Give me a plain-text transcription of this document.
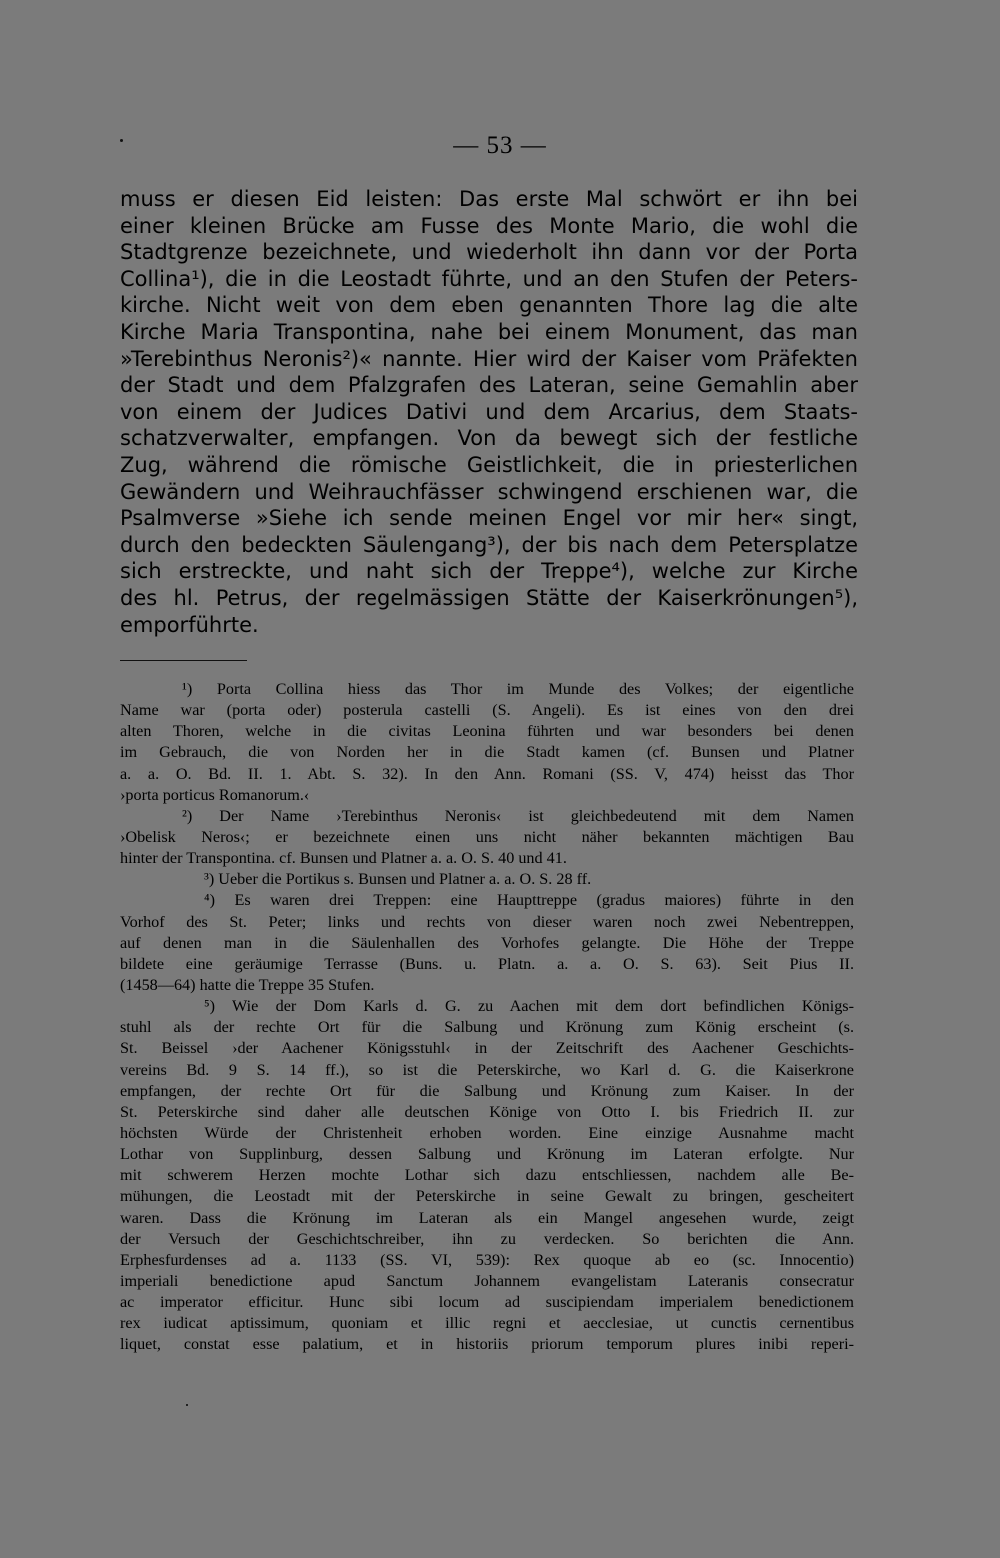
— 53 —
muss er diesen Eid leisten: Das erste Mal schwört er ihn bei
einer kleinen Brücke am Fusse des Monte Mario, die wohl die
Stadtgrenze bezeichnete, und wiederholt ihn dann vor der Porta
Collina¹), die in die Leostadt führte, und an den Stufen der Peters-
kirche. Nicht weit von dem eben genannten Thore lag die alte
Kirche Maria Transpontina, nahe bei einem Monument, das man
»Terebinthus Neronis²)« nannte. Hier wird der Kaiser vom Präfekten
der Stadt und dem Pfalzgrafen des Lateran, seine Gemahlin aber
von einem der Judices Dativi und dem Arcarius, dem Staats-
schatzverwalter, empfangen. Von da bewegt sich der festliche
Zug, während die römische Geistlichkeit, die in priesterlichen
Gewändern und Weihrauchfässer schwingend erschienen war, die
Psalmverse »Siehe ich sende meinen Engel vor mir her« singt,
durch den bedeckten Säulengang³), der bis nach dem Petersplatze
sich erstreckte, und naht sich der Treppe⁴), welche zur Kirche
des hl. Petrus, der regelmässigen Stätte der Kaiserkrönungen⁵),
emporführte.
¹) Porta Collina hiess das Thor im Munde des Volkes; der eigentliche
Name war (porta oder) posterula castelli (S. Angeli). Es ist eines von den drei
alten Thoren, welche in die civitas Leonina führten und war besonders bei denen
im Gebrauch, die von Norden her in die Stadt kamen (cf. Bunsen und Platner
a. a. O. Bd. II. 1. Abt. S. 32). In den Ann. Romani (SS. V, 474) heisst das Thor
›porta porticus Romanorum.‹
²) Der Name ›Terebinthus Neronis‹ ist gleichbedeutend mit dem Namen
›Obelisk Neros‹; er bezeichnete einen uns nicht näher bekannten mächtigen Bau
hinter der Transpontina. cf. Bunsen und Platner a. a. O. S. 40 und 41.
³) Ueber die Portikus s. Bunsen und Platner a. a. O. S. 28 ff.
⁴) Es waren drei Treppen: eine Haupttreppe (gradus maiores) führte in den
Vorhof des St. Peter; links und rechts von dieser waren noch zwei Nebentreppen,
auf denen man in die Säulenhallen des Vorhofes gelangte. Die Höhe der Treppe
bildete eine geräumige Terrasse (Buns. u. Platn. a. a. O. S. 63). Seit Pius II.
(1458—64) hatte die Treppe 35 Stufen.
⁵) Wie der Dom Karls d. G. zu Aachen mit dem dort befindlichen Königs-
stuhl als der rechte Ort für die Salbung und Krönung zum König erscheint (s.
St. Beissel ›der Aachener Königsstuhl‹ in der Zeitschrift des Aachener Geschichts-
vereins Bd. 9 S. 14 ff.), so ist die Peterskirche, wo Karl d. G. die Kaiserkrone
empfangen, der rechte Ort für die Salbung und Krönung zum Kaiser. In der
St. Peterskirche sind daher alle deutschen Könige von Otto I. bis Friedrich II. zur
höchsten Würde der Christenheit erhoben worden. Eine einzige Ausnahme macht
Lothar von Supplinburg, dessen Salbung und Krönung im Lateran erfolgte. Nur
mit schwerem Herzen mochte Lothar sich dazu entschliessen, nachdem alle Be-
mühungen, die Leostadt mit der Peterskirche in seine Gewalt zu bringen, gescheitert
waren. Dass die Krönung im Lateran als ein Mangel angesehen wurde, zeigt
der Versuch der Geschichtschreiber, ihn zu verdecken. So berichten die Ann.
Erphesfurdenses ad a. 1133 (SS. VI, 539): Rex quoque ab eo (sc. Innocentio)
imperiali benedictione apud Sanctum Johannem evangelistam Lateranis consecratur
ac imperator efficitur. Hunc sibi locum ad suscipiendam imperialem benedictionem
rex iudicat aptissimum, quoniam et illic regni et aecclesiae, ut cunctis cernentibus
liquet, constat esse palatium, et in historiis priorum temporum plures inibi reperi-
